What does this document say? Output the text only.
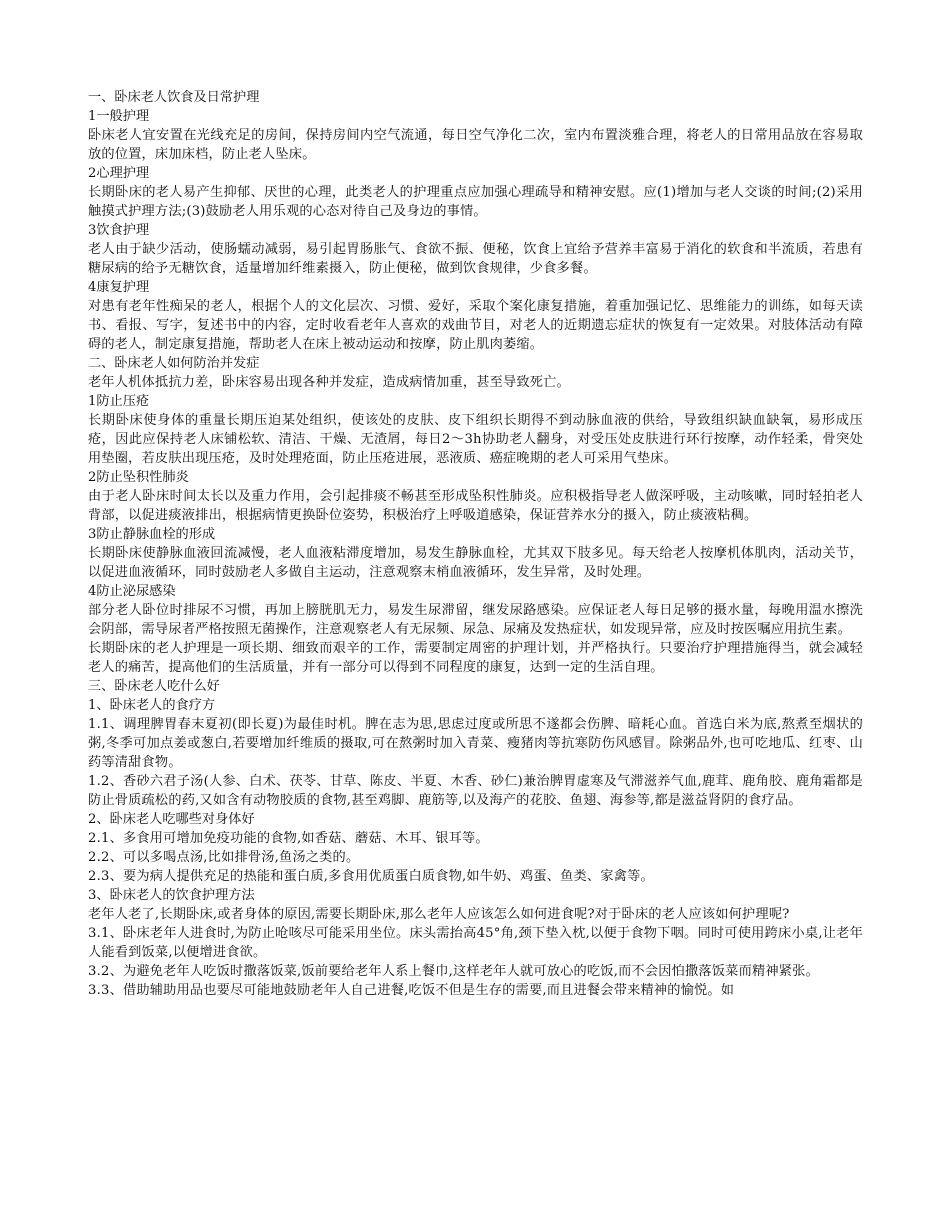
一、卧床老人饮食及日常护理

1一般护理

卧床老人宜安置在光线充足的房间，保持房间内空气流通，每日空气净化二次，室内布置淡雅合理，将老人的日常用品放在容易取放的位置，床加床档，防止老人坠床。

2心理护理

长期卧床的老人易产生抑郁、厌世的心理，此类老人的护理重点应加强心理疏导和精神安慰。应(1)增加与老人交谈的时间;(2)采用触摸式护理方法;(3)鼓励老人用乐观的心态对待自己及身边的事情。

3饮食护理

老人由于缺少活动，使肠蠕动减弱，易引起胃肠胀气、食欲不振、便秘，饮食上宜给予营养丰富易于消化的软食和半流质，若患有糖尿病的给予无糖饮食，适量增加纤维素摄入，防止便秘，做到饮食规律，少食多餐。

4康复护理

对患有老年性痴呆的老人，根据个人的文化层次、习惯、爱好，采取个案化康复措施，着重加强记忆、思维能力的训练，如每天读书、看报、写字，复述书中的内容，定时收看老年人喜欢的戏曲节目，对老人的近期遗忘症状的恢复有一定效果。对肢体活动有障碍的老人，制定康复措施，帮助老人在床上被动运动和按摩，防止肌肉萎缩。

二、卧床老人如何防治并发症

老年人机体抵抗力差，卧床容易出现各种并发症，造成病情加重，甚至导致死亡。

1防止压疮

长期卧床使身体的重量长期压迫某处组织，使该处的皮肤、皮下组织长期得不到动脉血液的供给，导致组织缺血缺氧，易形成压疮，因此应保持老人床铺松软、清洁、干燥、无渣屑，每日2～3h协助老人翻身，对受压处皮肤进行环行按摩，动作轻柔，骨突处用垫圈，若皮肤出现压疮，及时处理疮面，防止压疮进展，恶液质、癌症晚期的老人可采用气垫床。

2防止坠积性肺炎

由于老人卧床时间太长以及重力作用，会引起排痰不畅甚至形成坠积性肺炎。应积极指导老人做深呼吸，主动咳嗽，同时轻拍老人背部，以促进痰液排出，根据病情更换卧位姿势，积极治疗上呼吸道感染，保证营养水分的摄入，防止痰液粘稠。

3防止静脉血栓的形成

长期卧床使静脉血液回流减慢，老人血液粘滞度增加，易发生静脉血栓，尤其双下肢多见。每天给老人按摩机体肌肉，活动关节，以促进血液循环，同时鼓励老人多做自主运动，注意观察末梢血液循环，发生异常，及时处理。

4防止泌尿感染

部分老人卧位时排尿不习惯，再加上膀胱肌无力，易发生尿滞留，继发尿路感染。应保证老人每日足够的摄水量，每晚用温水擦洗会阴部，需导尿者严格按照无菌操作，注意观察老人有无尿频、尿急、尿痛及发热症状，如发现异常，应及时按医嘱应用抗生素。

长期卧床的老人护理是一项长期、细致而艰辛的工作，需要制定周密的护理计划，并严格执行。只要治疗护理措施得当，就会减轻老人的痛苦，提高他们的生活质量，并有一部分可以得到不同程度的康复，达到一定的生活自理。

三、卧床老人吃什么好

1、卧床老人的食疗方

1.1、调理脾胃春末夏初(即长夏)为最佳时机。脾在志为思,思虑过度或所思不遂都会伤脾、暗耗心血。首选白米为底,熬煮至烟状的粥,冬季可加点姜或葱白,若要增加纤维质的摄取,可在熬粥时加入青菜、瘦猪肉等抗寒防伤风感冒。除粥品外,也可吃地瓜、红枣、山药等清甜食物。

1.2、香砂六君子汤(人参、白术、茯苓、甘草、陈皮、半夏、木香、砂仁)兼治脾胃虚寒及气滞滋养气血,鹿茸、鹿角胶、鹿角霜都是防止骨质疏松的药,又如含有动物胶质的食物,甚至鸡脚、鹿筋等,以及海产的花胶、鱼翅、海参等,都是滋益肾阴的食疗品。

2、卧床老人吃哪些对身体好

2.1、多食用可增加免疫功能的食物,如香菇、蘑菇、木耳、银耳等。

2.2、可以多喝点汤,比如排骨汤,鱼汤之类的。

2.3、要为病人提供充足的热能和蛋白质,多食用优质蛋白质食物,如牛奶、鸡蛋、鱼类、家禽等。

3、卧床老人的饮食护理方法

老年人老了,长期卧床,或者身体的原因,需要长期卧床,那么老年人应该怎么如何进食呢?对于卧床的老人应该如何护理呢?

3.1、卧床老年人进食时,为防止呛咳尽可能采用坐位。床头需抬高45°角,颈下垫入枕,以便于食物下咽。同时可使用跨床小桌,让老年人能看到饭菜,以便增进食欲。

3.2、为避免老年人吃饭时撒落饭菜,饭前要给老年人系上餐巾,这样老年人就可放心的吃饭,而不会因怕撒落饭菜而精神紧张。

3.3、借助辅助用品也要尽可能地鼓励老年人自己进餐,吃饭不但是生存的需要,而且进餐会带来精神的愉悦。如
